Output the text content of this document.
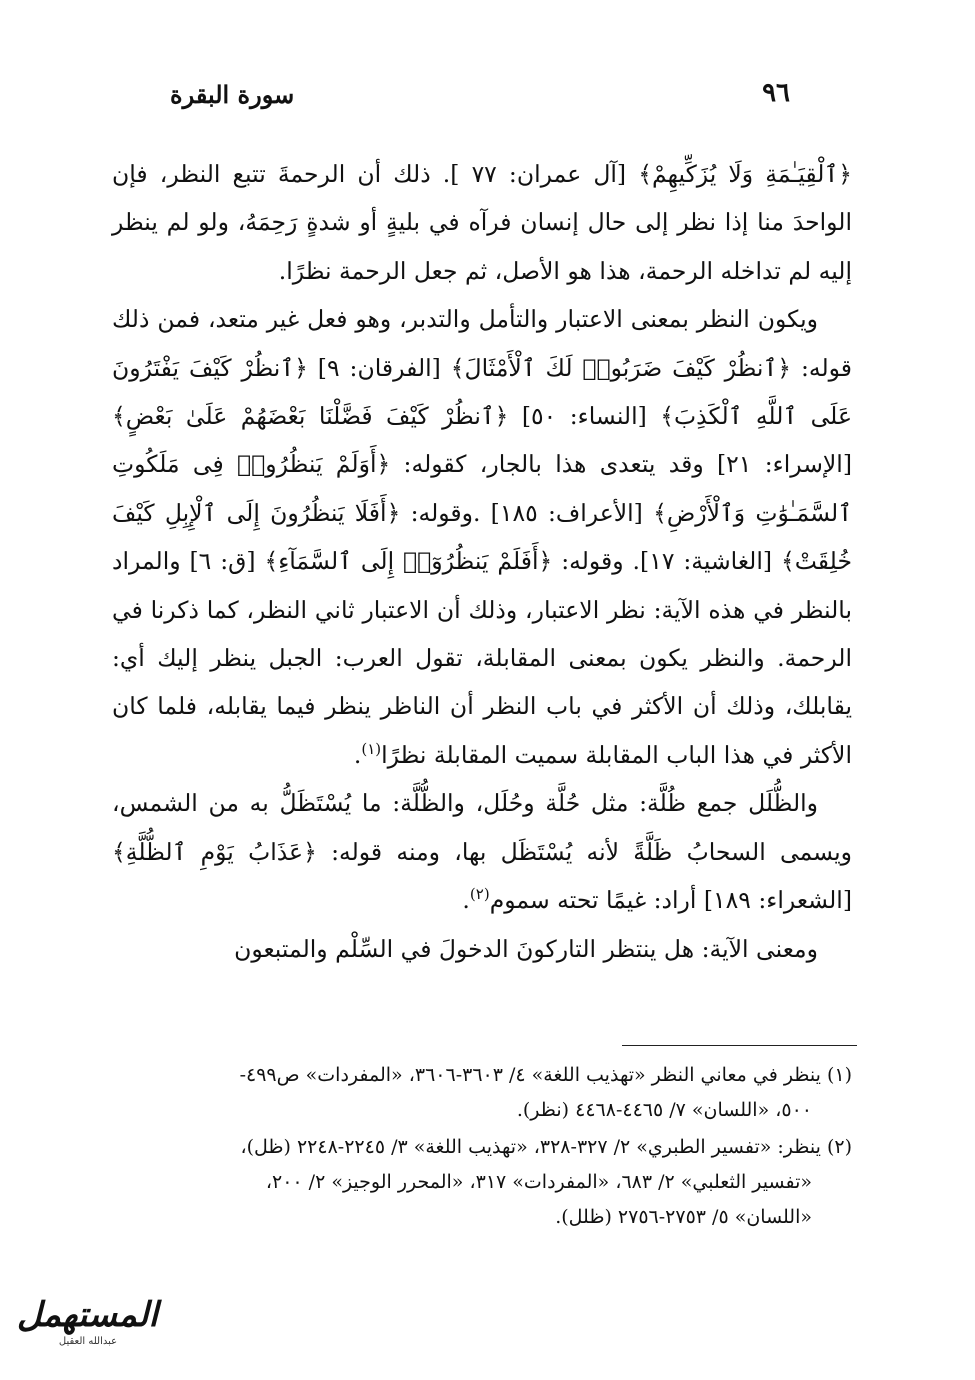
سورة البقرة	٩٦

﴿ٱلْقِيَـٰمَةِ وَلَا يُزَكِّيهِمْ﴾ [آل عمران: ٧٧ ]. ذلك أن الرحمةَ تتبع النظر، فإن الواحدَ منا إذا نظر إلى حال إنسان فرآه في بليةٍ أو شدةٍ رَحِمَهُ، ولو لم ينظر إليه لم تداخله الرحمة، هذا هو الأصل، ثم جعل الرحمة نظرًا.

ويكون النظر بمعنى الاعتبار والتأمل والتدبر، وهو فعل غير متعد، فمن ذلك قوله: ﴿ٱنظُرْ كَيْفَ ضَرَبُوا۟ لَكَ ٱلْأَمْثَالَ﴾ [الفرقان: ٩] ﴿ٱنظُرْ كَيْفَ يَفْتَرُونَ عَلَى ٱللَّهِ ٱلْكَذِبَ﴾ [النساء: ٥٠] ﴿ٱنظُرْ كَيْفَ فَضَّلْنَا بَعْضَهُمْ عَلَىٰ بَعْضٍ﴾ [الإسراء: ٢١] وقد يتعدى هذا بالجار، كقوله: ﴿أَوَلَمْ يَنظُرُوا۟ فِى مَلَكُوتِ ٱلسَّمَـٰوَٰتِ وَٱلْأَرْضِ﴾ [الأعراف: ١٨٥] .وقوله: ﴿أَفَلَا يَنظُرُونَ إِلَى ٱلْإِبِلِ كَيْفَ خُلِقَتْ﴾ [الغاشية: ١٧]. وقوله: ﴿أَفَلَمْ يَنظُرُوٓا۟ إِلَى ٱلسَّمَآءِ﴾ [ق: ٦] والمراد بالنظر في هذه الآية: نظر الاعتبار، وذلك أن الاعتبار ثاني النظر، كما ذكرنا في الرحمة. والنظر يكون بمعنى المقابلة، تقول العرب: الجبل ينظر إليك أي: يقابلك، وذلك أن الأكثر في باب النظر أن الناظر ينظر فيما يقابله، فلما كان الأكثر في هذا الباب المقابلة سميت المقابلة نظرًا$^{(١)}$.

والظُّلَل جمع ظُلَّة: مثل حُلَّة وحُلَل، والظُّلَّة: ما يُسْتَظَلُّ به من الشمس، ويسمى السحابُ ظَلَّةً لأنه يُسْتَظَل بها، ومنه قوله: ﴿عَذَابُ يَوْمِ ٱلظُّلَّةِ﴾ [الشعراء: ١٨٩] أراد: غيمًا تحته سموم$^{(٢)}$.

ومعنى الآية: هل ينتظر التاركونَ الدخولَ في السِّلْم والمتبعون

(١) ينظر في معاني النظر «تهذيب اللغة» ٤/ ٣٦٠٣-٣٦٠٦، «المفردات» ص٤٩٩-
٥٠٠، «اللسان» ٧/ ٤٤٦٥-٤٤٦٨ (نظر).

(٢) ينظر: «تفسير الطبري» ٢/ ٣٢٧-٣٢٨، «تهذيب اللغة» ٣/ ٢٢٤٥-٢٢٤٨ (ظل)،
«تفسير الثعلبي» ٢/ ٦٨٣، «المفردات» ٣١٧، «المحرر الوجيز» ٢/ ٢٠٠،
«اللسان» ٥/ ٢٧٥٣-٢٧٥٦ (ظلل).

المستهمل
عبدالله العقيل
